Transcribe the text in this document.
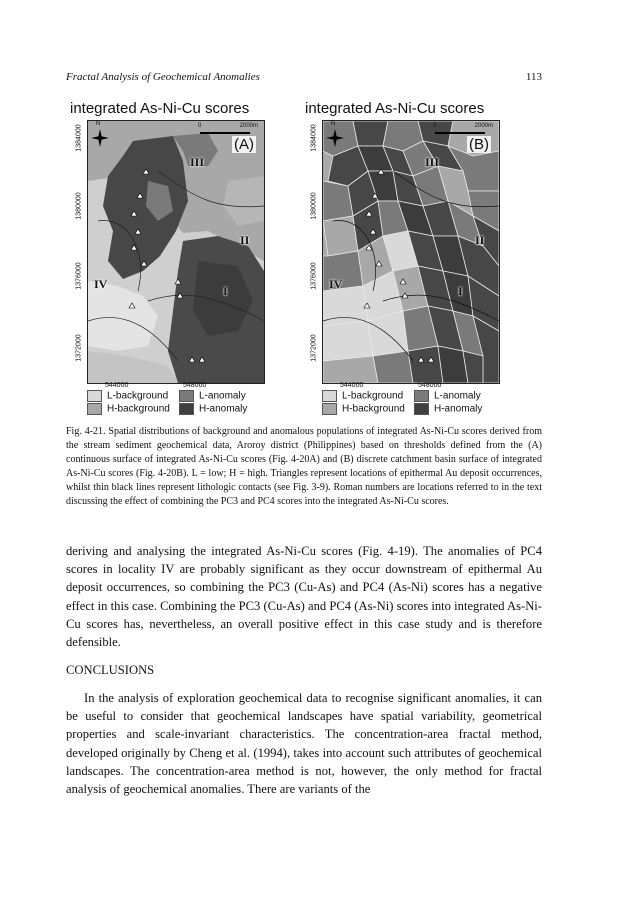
Fractal Analysis of Geochemical Anomalies	113
integrated As-Ni-Cu scores
1384000
1380000
1376000
1372000
(A)
0	2000m
N
III
II
IV	I
544000	548000
L-background	L-anomaly
H-background	H-anomaly
integrated As-Ni-Cu scores
1384000
1380000
1376000
1372000
(B)
0	2000m
N
III
II
IV	I
544000	548000
L-background	L-anomaly
H-background	H-anomaly
Fig. 4-21. Spatial distributions of background and anomalous populations of integrated As-Ni-Cu scores derived from the stream sediment geochemical data, Aroroy district (Philippines) based on thresholds defined from the (A) continuous surface of integrated As-Ni-Cu scores (Fig. 4-20A) and (B) discrete catchment basin surface of integrated As-Ni-Cu scores (Fig. 4-20B). L = low; H = high. Triangles represent locations of epithermal Au deposit occurrences, whilst thin black lines represent lithologic contacts (see Fig. 3-9). Roman numbers are locations referred to in the text discussing the effect of combining the PC3 and PC4 scores into the integrated As-Ni-Cu scores.
deriving and analysing the integrated As-Ni-Cu scores (Fig. 4-19). The anomalies of PC4 scores in locality IV are probably significant as they occur downstream of epithermal Au deposit occurrences, so combining the PC3 (Cu-As) and PC4 (As-Ni) scores has a negative effect in this case. Combining the PC3 (Cu-As) and PC4 (As-Ni) scores into integrated As-Ni-Cu scores has, nevertheless, an overall positive effect in this case study and is therefore defensible.
CONCLUSIONS
In the analysis of exploration geochemical data to recognise significant anomalies, it can be useful to consider that geochemical landscapes have spatial variability, geometrical properties and scale-invariant characteristics. The concentration-area fractal method, developed originally by Cheng et al. (1994), takes into account such attributes of geochemical landscapes. The concentration-area method is not, however, the only method for fractal analysis of geochemical anomalies. There are variants of the
